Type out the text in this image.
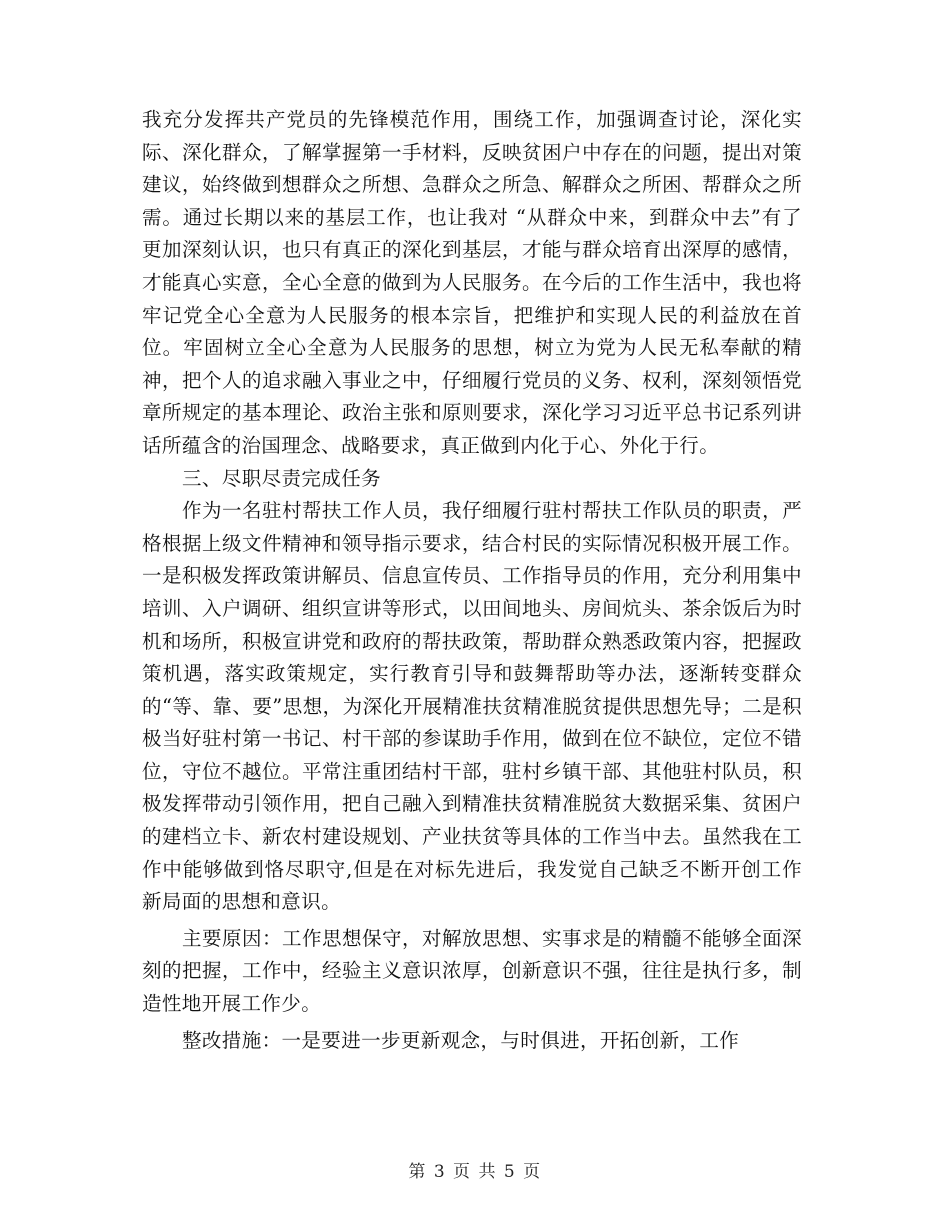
我充分发挥共产党员的先锋模范作用，围绕工作，加强调查讨论，深化实际、深化群众，了解掌握第一手材料，反映贫困户中存在的问题，提出对策建议，始终做到想群众之所想、急群众之所急、解群众之所困、帮群众之所需。通过长期以来的基层工作，也让我对 “从群众中来，到群众中去”有了更加深刻认识，也只有真正的深化到基层，才能与群众培育出深厚的感情，才能真心实意，全心全意的做到为人民服务。在今后的工作生活中，我也将牢记党全心全意为人民服务的根本宗旨，把维护和实现人民的利益放在首位。牢固树立全心全意为人民服务的思想，树立为党为人民无私奉献的精神，把个人的追求融入事业之中，仔细履行党员的义务、权利，深刻领悟党章所规定的基本理论、政治主张和原则要求，深化学习习近平总书记系列讲话所蕴含的治国理念、战略要求，真正做到内化于心、外化于行。

三、尽职尽责完成任务

作为一名驻村帮扶工作人员，我仔细履行驻村帮扶工作队员的职责，严格根据上级文件精神和领导指示要求，结合村民的实际情况积极开展工作。一是积极发挥政策讲解员、信息宣传员、工作指导员的作用，充分利用集中培训、入户调研、组织宣讲等形式，以田间地头、房间炕头、茶余饭后为时机和场所，积极宣讲党和政府的帮扶政策，帮助群众熟悉政策内容，把握政策机遇，落实政策规定，实行教育引导和鼓舞帮助等办法，逐渐转变群众的“等、靠、要”思想，为深化开展精准扶贫精准脱贫提供思想先导；二是积极当好驻村第一书记、村干部的参谋助手作用，做到在位不缺位，定位不错位，守位不越位。平常注重团结村干部，驻村乡镇干部、其他驻村队员，积极发挥带动引领作用，把自己融入到精准扶贫精准脱贫大数据采集、贫困户的建档立卡、新农村建设规划、产业扶贫等具体的工作当中去。虽然我在工作中能够做到恪尽职守,但是在对标先进后，我发觉自己缺乏不断开创工作新局面的思想和意识。

主要原因：工作思想保守，对解放思想、实事求是的精髓不能够全面深刻的把握，工作中，经验主义意识浓厚，创新意识不强，往往是执行多，制造性地开展工作少。

整改措施：一是要进一步更新观念，与时俱进，开拓创新，工作

第 3 页 共 5 页
